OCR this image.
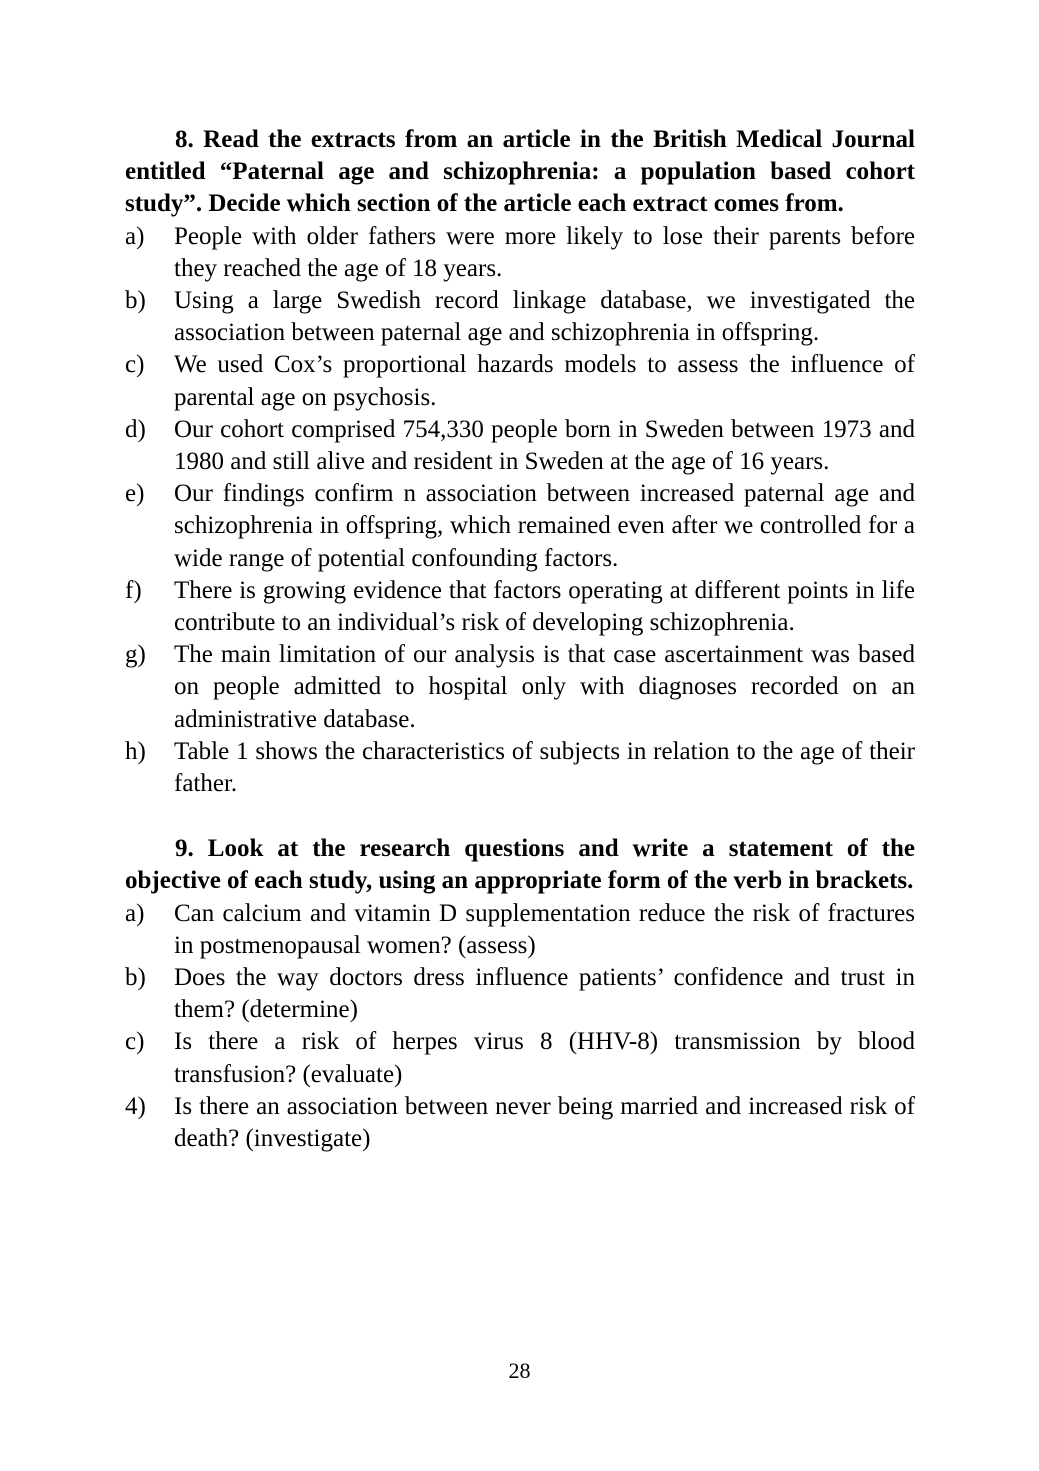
8. Read the extracts from an article in the British Medical Journal entitled “Paternal age and schizophrenia: a population based cohort study”. Decide which section of the article each extract comes from.

a) People with older fathers were more likely to lose their parents before they reached the age of 18 years.
b) Using a large Swedish record linkage database, we investigated the association between paternal age and schizophrenia in offspring.
c) We used Cox’s proportional hazards models to assess the influence of parental age on psychosis.
d) Our cohort comprised 754,330 people born in Sweden between 1973 and 1980 and still alive and resident in Sweden at the age of 16 years.
e) Our findings confirm n association between increased paternal age and schizophrenia in offspring, which remained even after we controlled for a wide range of potential confounding factors.
f) There is growing evidence that factors operating at different points in life contribute to an individual’s risk of developing schizophrenia.
g) The main limitation of our analysis is that case ascertainment was based on people admitted to hospital only with diagnoses recorded on an administrative database.
h) Table 1 shows the characteristics of subjects in relation to the age of their father.

9. Look at the research questions and write a statement of the objective of each study, using an appropriate form of the verb in brackets.

a) Can calcium and vitamin D supplementation reduce the risk of fractures in postmenopausal women? (assess)
b) Does the way doctors dress influence patients’ confidence and trust in them? (determine)
c) Is there a risk of herpes virus 8 (HHV-8) transmission by blood transfusion? (evaluate)
4) Is there an association between never being married and increased risk of death? (investigate)
28
